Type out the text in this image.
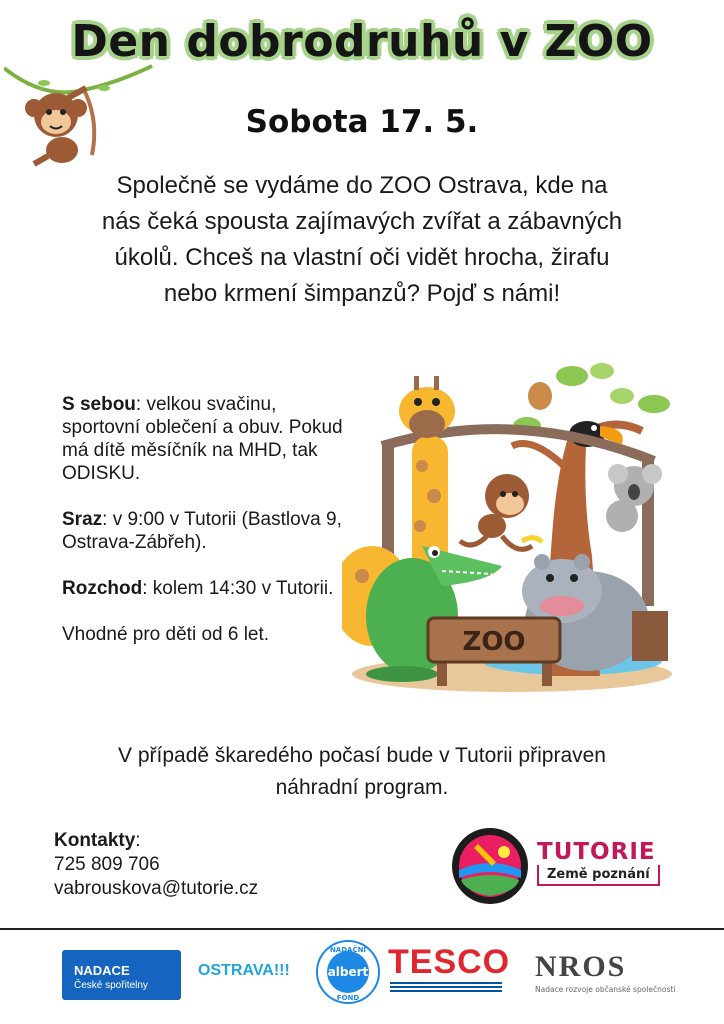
Den dobrodruhů v ZOO
Sobota 17. 5.
Společně se vydáme do ZOO Ostrava, kde na nás čeká spousta zajímavých zvířat a zábavných úkolů. Chceš na vlastní oči vidět hrocha, žirafu nebo krmení šimpanzů? Pojď s námi!

S sebou: velkou svačinu, sportovní oblečení a obuv. Pokud má dítě měsíčník na MHD, tak ODISKU.

Sraz: v 9:00 v Tutorii (Bastlova 9, Ostrava-Zábřeh).

Rozchod: kolem 14:30 v Tutorii.

Vhodné pro děti od 6 let.	ZOO
V případě škaredého počasí bude v Tutorii připraven náhradní program.
Kontakty:
725 809 706
vabrouskova@tutorie.cz
TUTORIE
Země poznání
NADACE
České spořitelny
OSTRAVA!!!
NADAČNÍ
albert
FOND
TESCO NROS
Nadace rozvoje občanské společnosti
